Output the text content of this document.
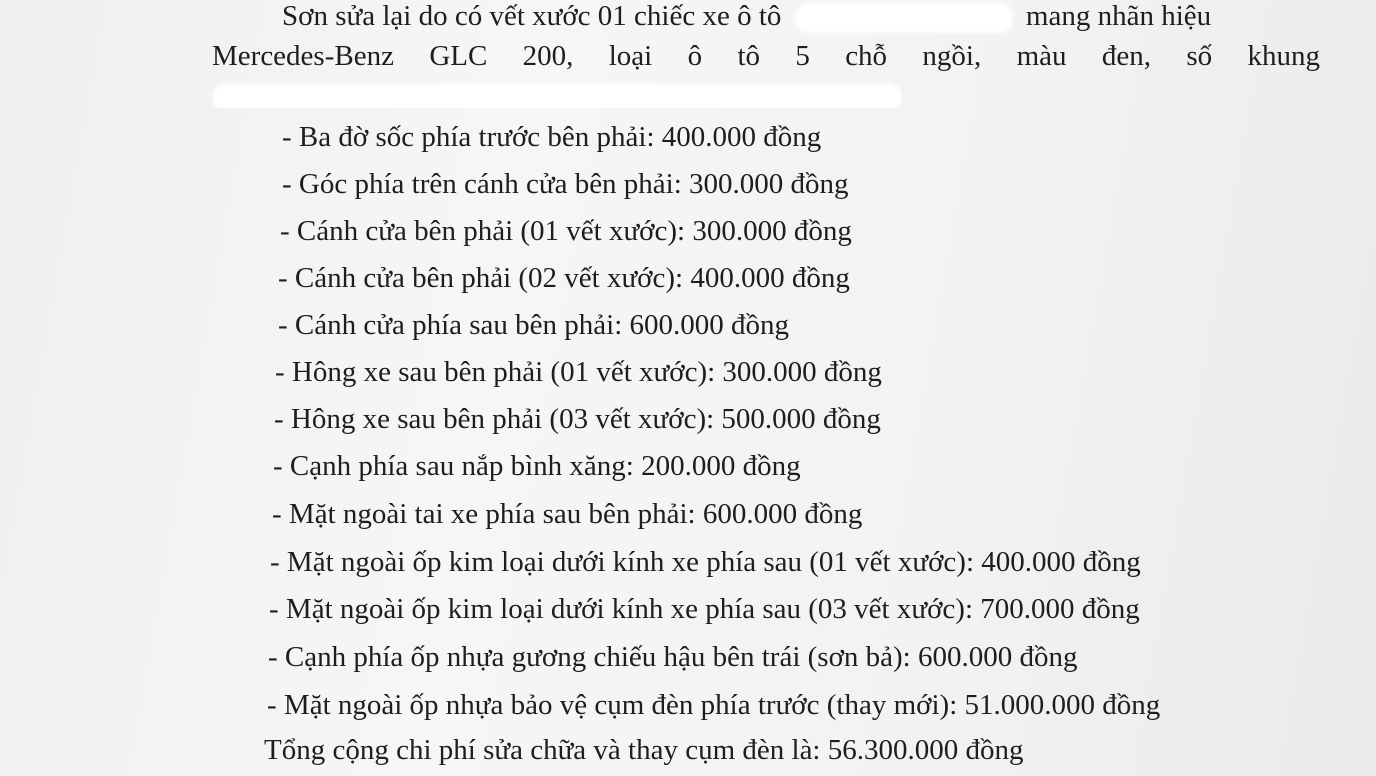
Sơn sửa lại do có vết xước 01 chiếc xe ô tô	mang nhãn hiệu
Mercedes-Benz GLC 200, loại ô tô 5 chỗ ngồi, màu đen, số khung
- Ba đờ sốc phía trước bên phải: 400.000 đồng
- Góc phía trên cánh cửa bên phải: 300.000 đồng
- Cánh cửa bên phải (01 vết xước): 300.000 đồng
- Cánh cửa bên phải (02 vết xước): 400.000 đồng
- Cánh cửa phía sau bên phải: 600.000 đồng
- Hông xe sau bên phải (01 vết xước): 300.000 đồng
- Hông xe sau bên phải (03 vết xước): 500.000 đồng
- Cạnh phía sau nắp bình xăng: 200.000 đồng
- Mặt ngoài tai xe phía sau bên phải: 600.000 đồng
- Mặt ngoài ốp kim loại dưới kính xe phía sau (01 vết xước): 400.000 đồng
- Mặt ngoài ốp kim loại dưới kính xe phía sau (03 vết xước): 700.000 đồng
- Cạnh phía ốp nhựa gương chiếu hậu bên trái (sơn bả): 600.000 đồng
- Mặt ngoài ốp nhựa bảo vệ cụm đèn phía trước (thay mới): 51.000.000 đồng
Tổng cộng chi phí sửa chữa và thay cụm đèn là: 56.300.000 đồng
